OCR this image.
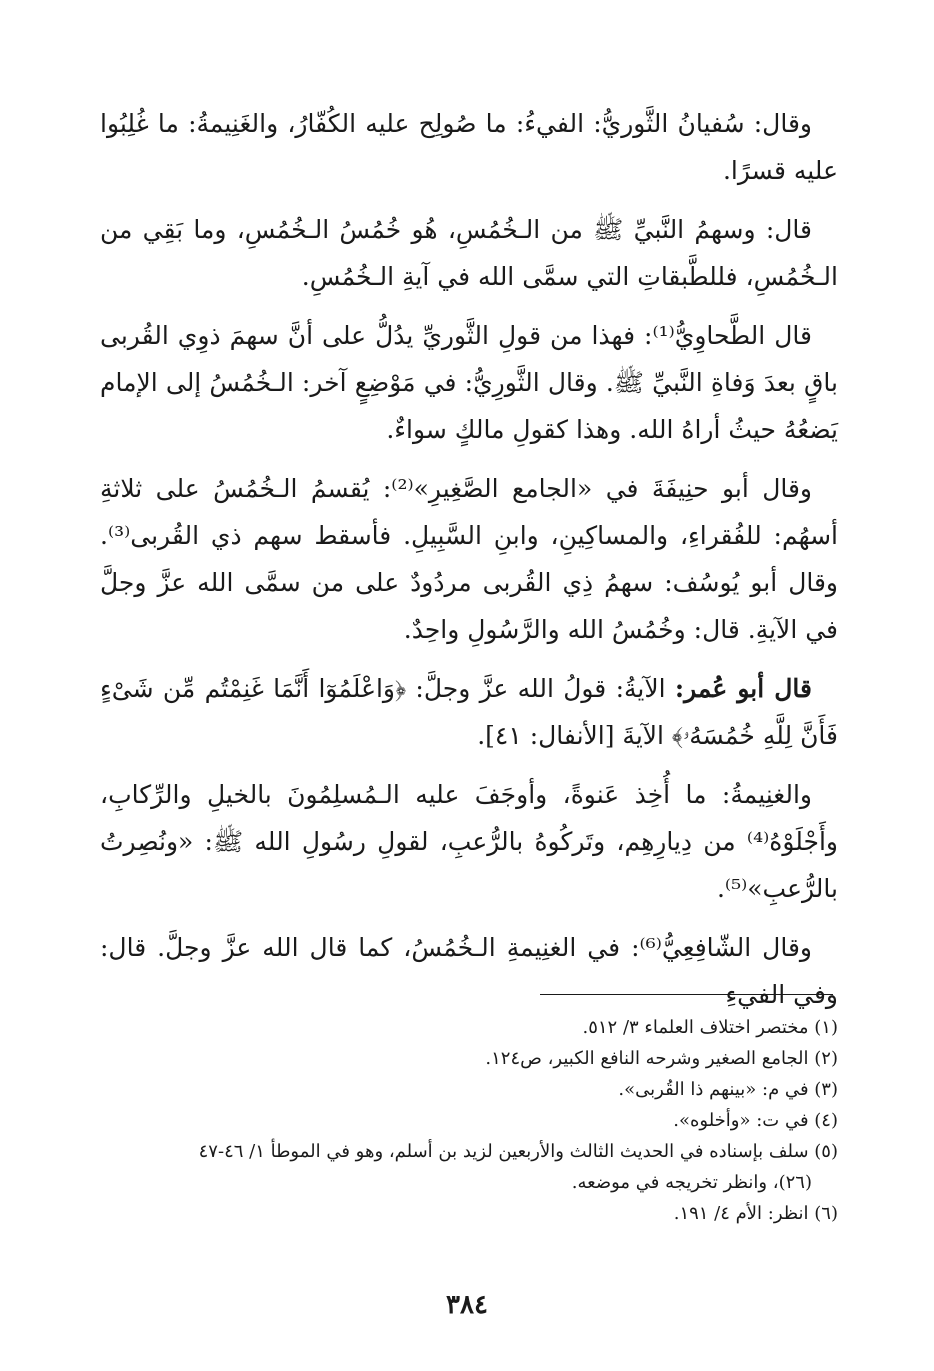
وقال: سُفيانُ الثَّوريُّ: الفيءُ: ما صُولِح عليه الكُفّارُ، والغَنِيمةُ: ما غُلِبُوا عليه قسرًا.

قال: وسهمُ النَّبيِّ ﷺ من الـخُمُسِ، هُو خُمُسُ الـخُمُسِ، وما بَقِي من الـخُمُسِ، فللطَّبقاتِ التي سمَّى الله في آيةِ الـخُمُسِ.

قال الطَّحاوِيُّ⁽¹⁾: فهذا من قولِ الثَّوريِّ يدُلُّ على أنَّ سهمَ ذوِي القُربى باقٍ بعدَ وَفاةِ النَّبيِّ ﷺ. وقال الثَّورِيُّ: في مَوْضِعٍ آخر: الـخُمُسُ إلى الإمام يَضعُهُ حيثُ أراهُ الله. وهذا كقولِ مالكٍ سواءٌ.

وقال أبو حنِيفَةَ في «الجامع الصَّغِيرِ»⁽²⁾: يُقسمُ الـخُمُسُ على ثلاثةِ أسهُم: للفُقراءِ، والمساكِينِ، وابنِ السَّبِيلِ. فأسقط سهم ذي القُربى⁽³⁾. وقال أبو يُوسُف: سهمُ ذِي القُربى مردُودٌ على من سمَّى الله عزَّ وجلَّ في الآيةِ. قال: وخُمُسُ الله والرَّسُولِ واحِدٌ.

قال أبو عُمر: الآيةُ: قولُ الله عزَّ وجلَّ: ﴿وَاعْلَمُوٓا أَنَّمَا غَنِمْتُم مِّن شَىْءٍ فَأَنَّ لِلَّهِ خُمُسَهُۥ﴾ الآيةَ [الأنفال: ٤١].

والغنِيمةُ: ما أُخِذ عَنوةً، وأوجَفَ عليه الـمُسلِمُونَ بالخيلِ والرِّكابِ، وأَجْلَوْهُ⁽⁴⁾ من دِيارِهِم، وتَركُوهُ بالرُّعبِ، لقولِ رسُولِ الله ﷺ: «ونُصِرتُ بالرُّعبِ»⁽⁵⁾.

وقال الشّافِعِيُّ⁽⁶⁾: في الغنِيمةِ الـخُمُسُ، كما قال الله عزَّ وجلَّ. قال: وفي الفيءِ

(١) مختصر اختلاف العلماء ٣/ ٥١٢.

(٢) الجامع الصغير وشرحه النافع الكبير، ص١٢٤.

(٣) في م: «بينهم ذا القُربى».

(٤) في ت: «وأخلوه».

(٥) سلف بإسناده في الحديث الثالث والأربعين لزيد بن أسلم، وهو في الموطأ ١/ ٤٦-٤٧

(٢٦)، وانظر تخريجه في موضعه.

(٦) انظر: الأم ٤/ ١٩١.

٣٨٤
